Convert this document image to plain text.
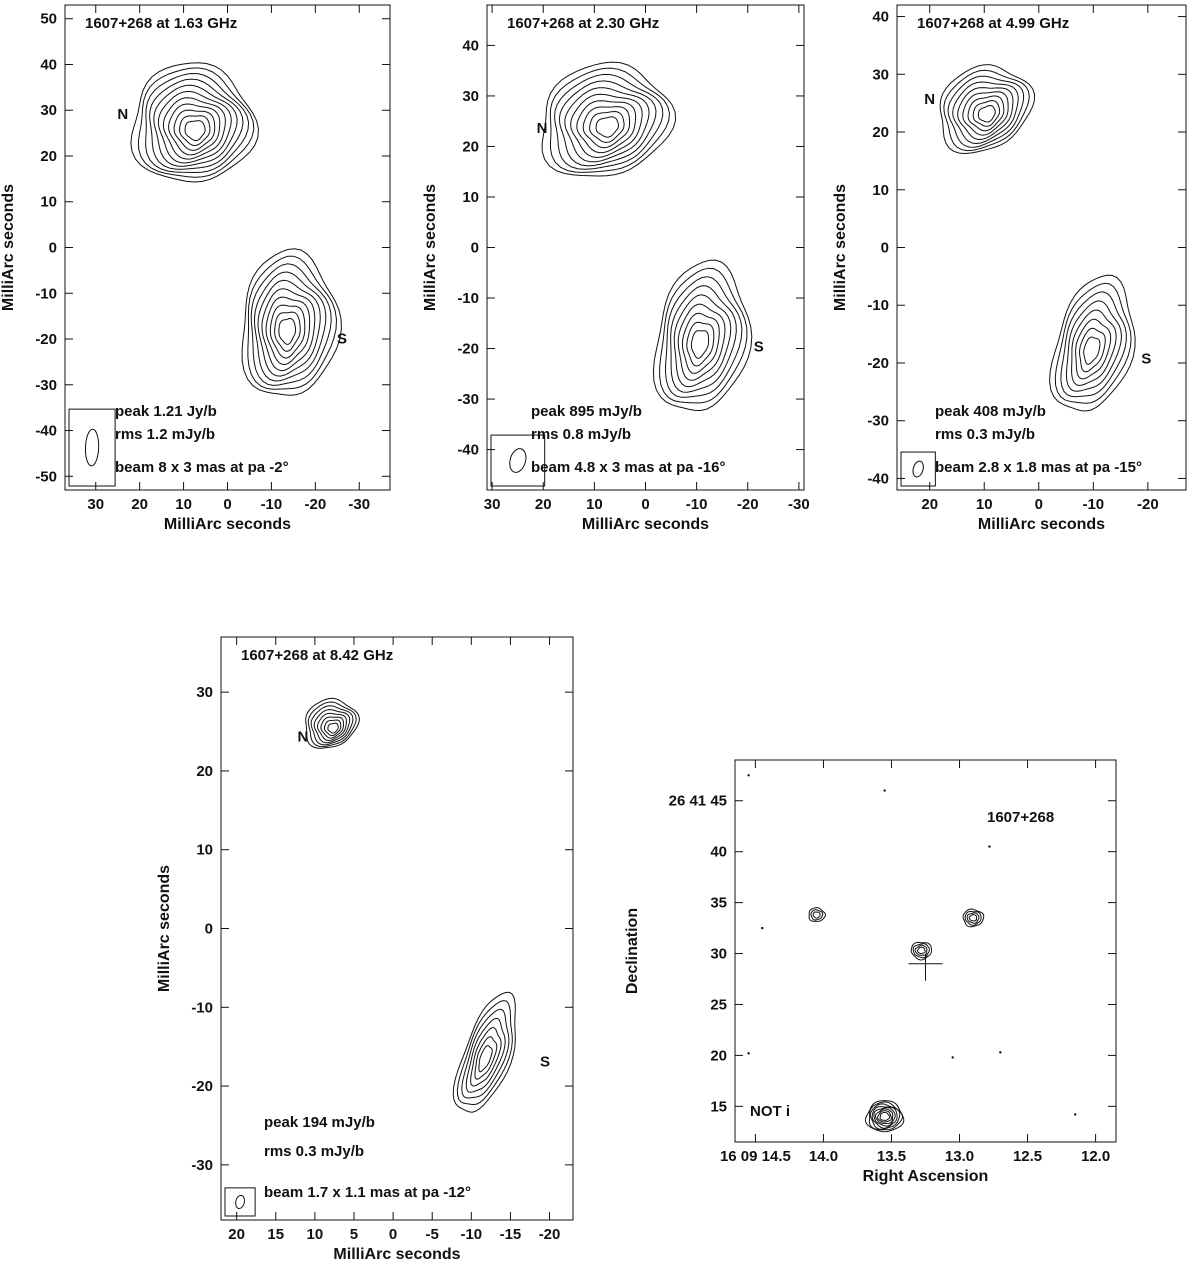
30 20 10 0 -10 -20 -30
50
40
30
20
10
0
-10
-20
-30
-40
-50
MilliArc seconds
MilliArc seconds
1607+268 at 1.63 GHz
N
S
peak 1.21 Jy/b
rms 1.2 mJy/b
beam 8 x 3 mas at pa -2°
30 20 10	0 -10 -20 -30
40
30
20
10
0
-10
-20
-30
-40
MilliArc seconds
MilliArc seconds
1607+268 at 2.30 GHz
N
S
peak 895 mJy/b
rms 0.8 mJy/b
beam 4.8 x 3 mas at pa -16°
20	10	0	-10 -20
40
30
20
10
0
-10
-20
-30
-40
MilliArc seconds
MilliArc seconds
1607+268 at 4.99 GHz
N
S
peak 408 mJy/b
rms 0.3 mJy/b
beam 2.8 x 1.8 mas at pa -15°
20 15 10 5 0 -5 -10 -15 -20
30
20
10
0
-10
-20
-30
MilliArc seconds
MilliArc seconds
1607+268 at 8.42 GHz
N
S
peak 194 mJy/b
rms 0.3 mJy/b
beam 1.7 x 1.1 mas at pa -12°
16 09 14.5 14.0	13.5	13.0	12.5	12.0
26 41 45
40
35
30
25
20
15
Right Ascension
Declination
1607+268
NOT i
